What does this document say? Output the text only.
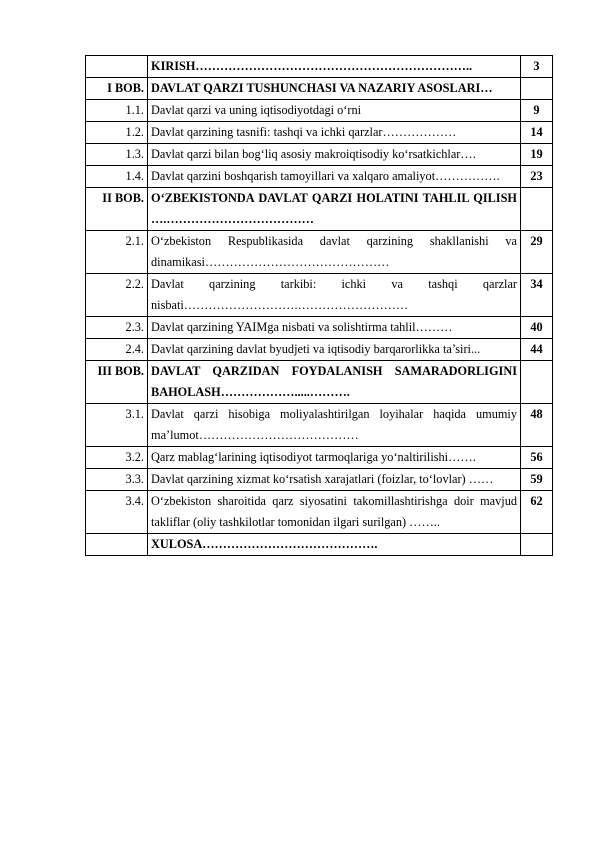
	KIRISH…………………………………………………………..	3
I BOB.	DAVLAT QARZI TUSHUNCHASI VA NAZARIY ASOSLARI…	
1.1.	Davlat qarzi va uning iqtisodiyotdagi o‘rni	9
1.2.	Davlat qarzining tasnifi: tashqi va ichki qarzlar………………	14
1.3.	Davlat qarzi bilan bog‘liq asosiy makroiqtisodiy ko‘rsatkichlar….	19
1.4.	Davlat qarzini boshqarish tamoyillari va xalqaro amaliyot…………….	23
II BOB.	O‘ZBEKISTONDA DAVLAT QARZI HOLATINI TAHLIL QILISH ….………………………………	
2.1.	O‘zbekiston Respublikasida davlat qarzining shakllanishi va dinamikasi………………………………………	29
2.2.	Davlat qarzining tarkibi: ichki va tashqi qarzlar nisbati……………………….………………………	34
2.3.	Davlat qarzining YAIMga nisbati va solishtirma tahlil………	40
2.4.	Davlat qarzining davlat byudjeti va iqtisodiy barqarorlikka ta’siri...	44
III BOB.	DAVLAT QARZIDAN FOYDALANISH SAMARADORLIGINI BAHOLASH……………….....……….	
3.1.	Davlat qarzi hisobiga moliyalashtirilgan loyihalar haqida umumiy ma’lumot…………………………………	48
3.2.	Qarz mablag‘larining iqtisodiyot tarmoqlariga yo‘naltirilishi…….	56
3.3.	Davlat qarzining xizmat ko‘rsatish xarajatlari (foizlar, to‘lovlar) ……	59
3.4.	O‘zbekiston sharoitida qarz siyosatini takomillashtirishga doir mavjud takliflar (oliy tashkilotlar tomonidan ilgari surilgan) ……..	62
	XULOSA…………………………………….	
